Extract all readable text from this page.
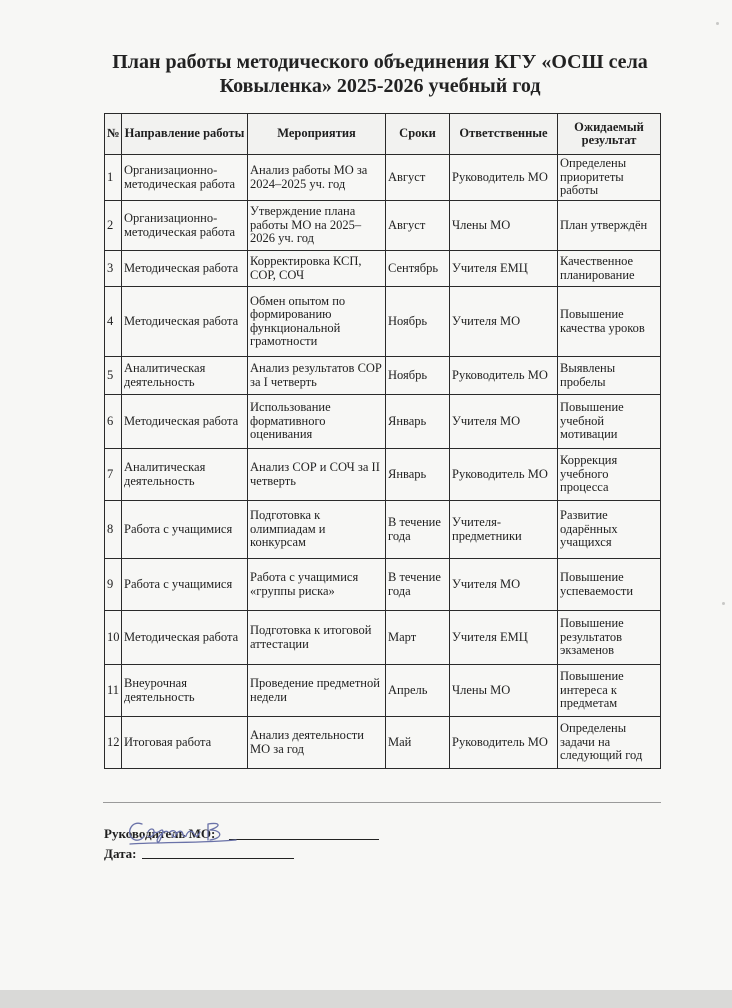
План работы методического объединения КГУ «ОСШ села Ковыленка» 2025-2026 учебный год
№	Направление работы	Мероприятия	Сроки	Ответственные	Ожидаемый результат
1	Организационно-методическая работа	Анализ работы МО за 2024–2025 уч. год	Август	Руководитель МО	Определены приоритеты работы
2	Организационно-методическая работа	Утверждение плана работы МО на 2025–2026 уч. год	Август	Члены МО	План утверждён
3	Методическая работа	Корректировка КСП, СОР, СОЧ	Сентябрь	Учителя ЕМЦ	Качественное планирование
4	Методическая работа	Обмен опытом по формированию функциональной грамотности	Ноябрь	Учителя МО	Повышение качества уроков
5	Аналитическая деятельность	Анализ результатов СОР за I четверть	Ноябрь	Руководитель МО	Выявлены пробелы
6	Методическая работа	Использование формативного оценивания	Январь	Учителя МО	Повышение учебной мотивации
7	Аналитическая деятельность	Анализ СОР и СОЧ за II четверть	Январь	Руководитель МО	Коррекция учебного процесса
8	Работа с учащимися	Подготовка к олимпиадам и конкурсам	В течение года	Учителя-предметники	Развитие одарённых учащихся
9	Работа с учащимися	Работа с учащимися «группы риска»	В течение года	Учителя МО	Повышение успеваемости
10	Методическая работа	Подготовка к итоговой аттестации	Март	Учителя ЕМЦ	Повышение результатов экзаменов
11	Внеурочная деятельность	Проведение предметной недели	Апрель	Члены МО	Повышение интереса к предметам
12	Итоговая работа	Анализ деятельности МО за год	Май	Руководитель МО	Определены задачи на следующий год
Руководитель МО:
Дата:
